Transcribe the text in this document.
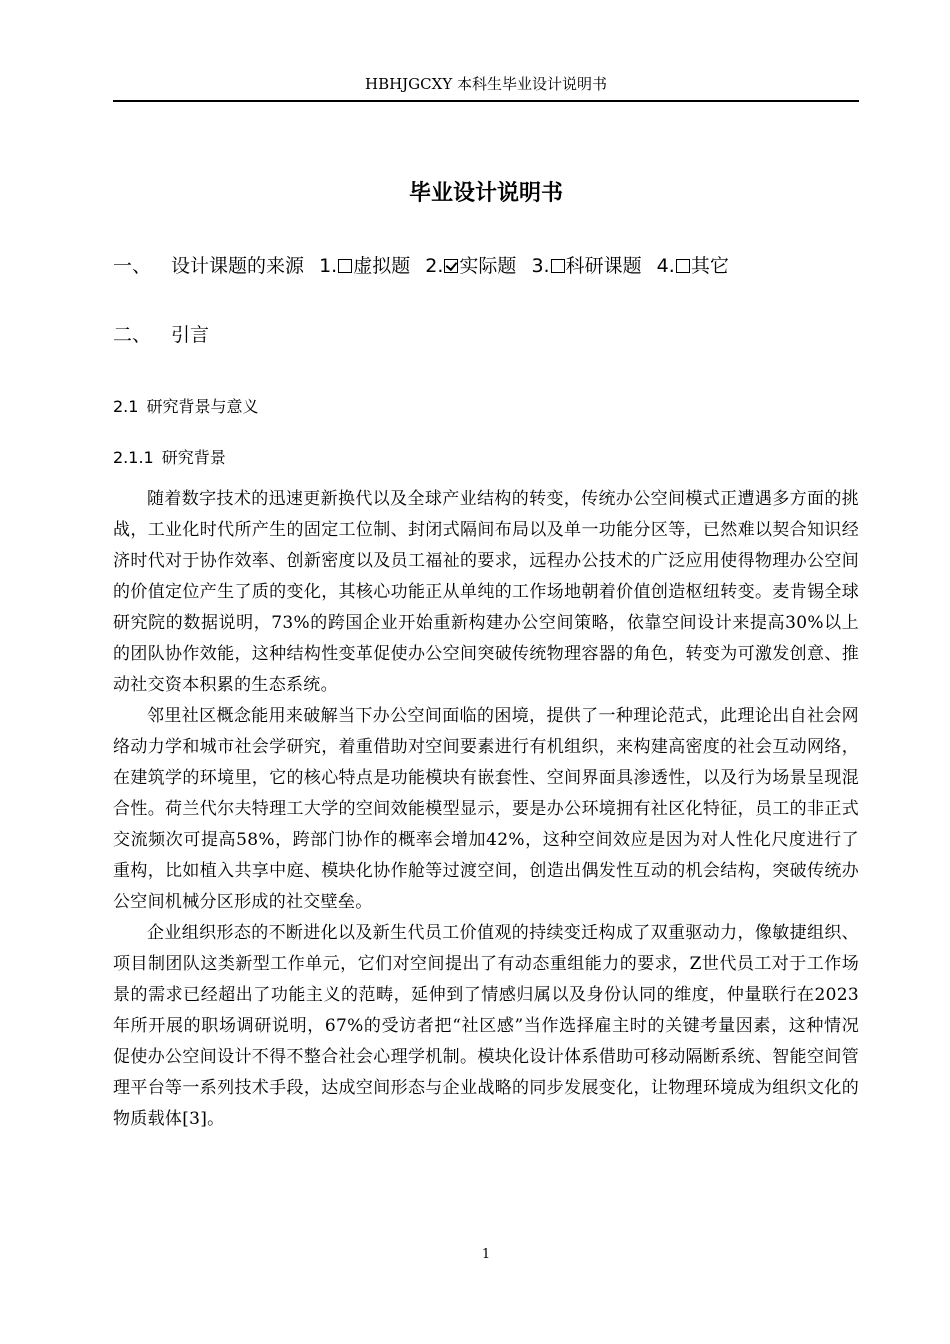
HBHJGCXY 本科生毕业设计说明书
毕业设计说明书
一、 设计课题的来源 1. 虚拟题 2. 实际题 3. 科研课题 4. 其它
二、 引言
2.1 研究背景与意义
2.1.1 研究背景

随着数字技术的迅速更新换代以及全球产业结构的转变，传统办公空间模式正遭遇多方面的挑战，工业化时代所产生的固定工位制、封闭式隔间布局以及单一功能分区等，已然难以契合知识经济时代对于协作效率、创新密度以及员工福祉的要求，远程办公技术的广泛应用使得物理办公空间的价值定位产生了质的变化，其核心功能正从单纯的工作场地朝着价值创造枢纽转变。麦肯锡全球研究院的数据说明，73%的跨国企业开始重新构建办公空间策略，依靠空间设计来提高30%以上的团队协作效能，这种结构性变革促使办公空间突破传统物理容器的角色，转变为可激发创意、推动社交资本积累的生态系统。

邻里社区概念能用来破解当下办公空间面临的困境，提供了一种理论范式，此理论出自社会网络动力学和城市社会学研究，着重借助对空间要素进行有机组织，来构建高密度的社会互动网络，在建筑学的环境里，它的核心特点是功能模块有嵌套性、空间界面具渗透性，以及行为场景呈现混合性。荷兰代尔夫特理工大学的空间效能模型显示，要是办公环境拥有社区化特征，员工的非正式交流频次可提高58%，跨部门协作的概率会增加42%，这种空间效应是因为对人性化尺度进行了重构，比如植入共享中庭、模块化协作舱等过渡空间，创造出偶发性互动的机会结构，突破传统办公空间机械分区形成的社交壁垒。

企业组织形态的不断进化以及新生代员工价值观的持续变迁构成了双重驱动力，像敏捷组织、项目制团队这类新型工作单元，它们对空间提出了有动态重组能力的要求，Z世代员工对于工作场景的需求已经超出了功能主义的范畴，延伸到了情感归属以及身份认同的维度，仲量联行在2023年所开展的职场调研说明，67%的受访者把“社区感”当作选择雇主时的关键考量因素，这种情况促使办公空间设计不得不整合社会心理学机制。模块化设计体系借助可移动隔断系统、智能空间管理平台等一系列技术手段，达成空间形态与企业战略的同步发展变化，让物理环境成为组织文化的物质载体[3]。

1
